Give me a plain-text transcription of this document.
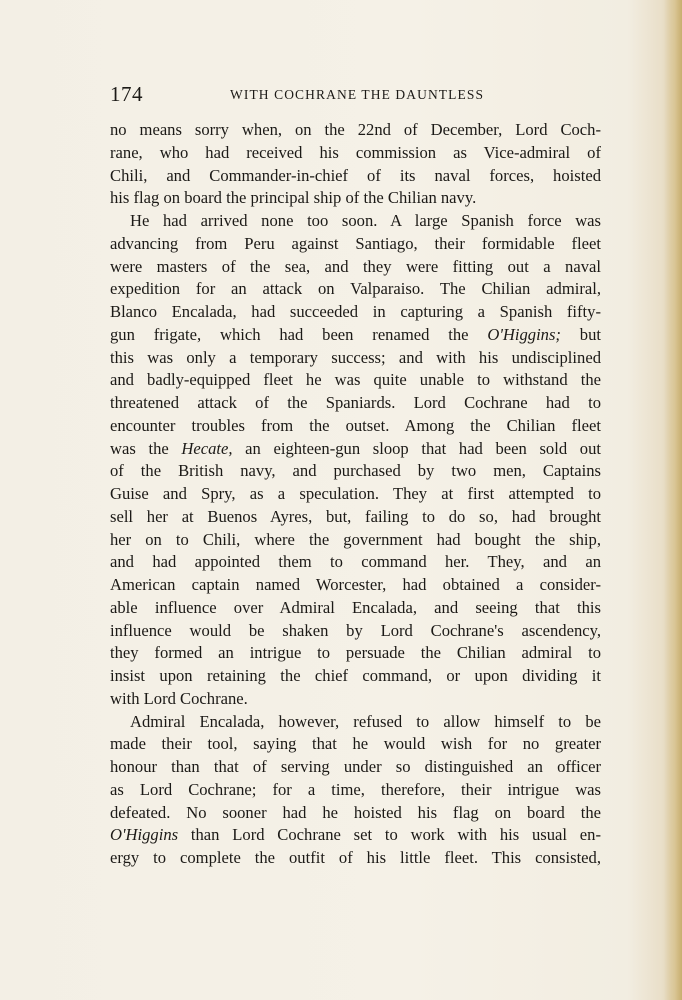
174	WITH COCHRANE THE DAUNTLESS
no means sorry when, on the 22nd of December, Lord Coch-
rane, who had received his commission as Vice-admiral of
Chili, and Commander-in-chief of its naval forces, hoisted
his flag on board the principal ship of the Chilian navy.
He had arrived none too soon. A large Spanish force was
advancing from Peru against Santiago, their formidable fleet
were masters of the sea, and they were fitting out a naval
expedition for an attack on Valparaiso. The Chilian admiral,
Blanco Encalada, had succeeded in capturing a Spanish fifty-
gun frigate, which had been renamed the O'Higgins; but
this was only a temporary success; and with his undisciplined
and badly-equipped fleet he was quite unable to withstand the
threatened attack of the Spaniards. Lord Cochrane had to
encounter troubles from the outset. Among the Chilian fleet
was the Hecate, an eighteen-gun sloop that had been sold out
of the British navy, and purchased by two men, Captains
Guise and Spry, as a speculation. They at first attempted to
sell her at Buenos Ayres, but, failing to do so, had brought
her on to Chili, where the government had bought the ship,
and had appointed them to command her. They, and an
American captain named Worcester, had obtained a consider-
able influence over Admiral Encalada, and seeing that this
influence would be shaken by Lord Cochrane's ascendency,
they formed an intrigue to persuade the Chilian admiral to
insist upon retaining the chief command, or upon dividing it
with Lord Cochrane.
Admiral Encalada, however, refused to allow himself to be
made their tool, saying that he would wish for no greater
honour than that of serving under so distinguished an officer
as Lord Cochrane; for a time, therefore, their intrigue was
defeated. No sooner had he hoisted his flag on board the
O'Higgins than Lord Cochrane set to work with his usual en-
ergy to complete the outfit of his little fleet. This consisted,
